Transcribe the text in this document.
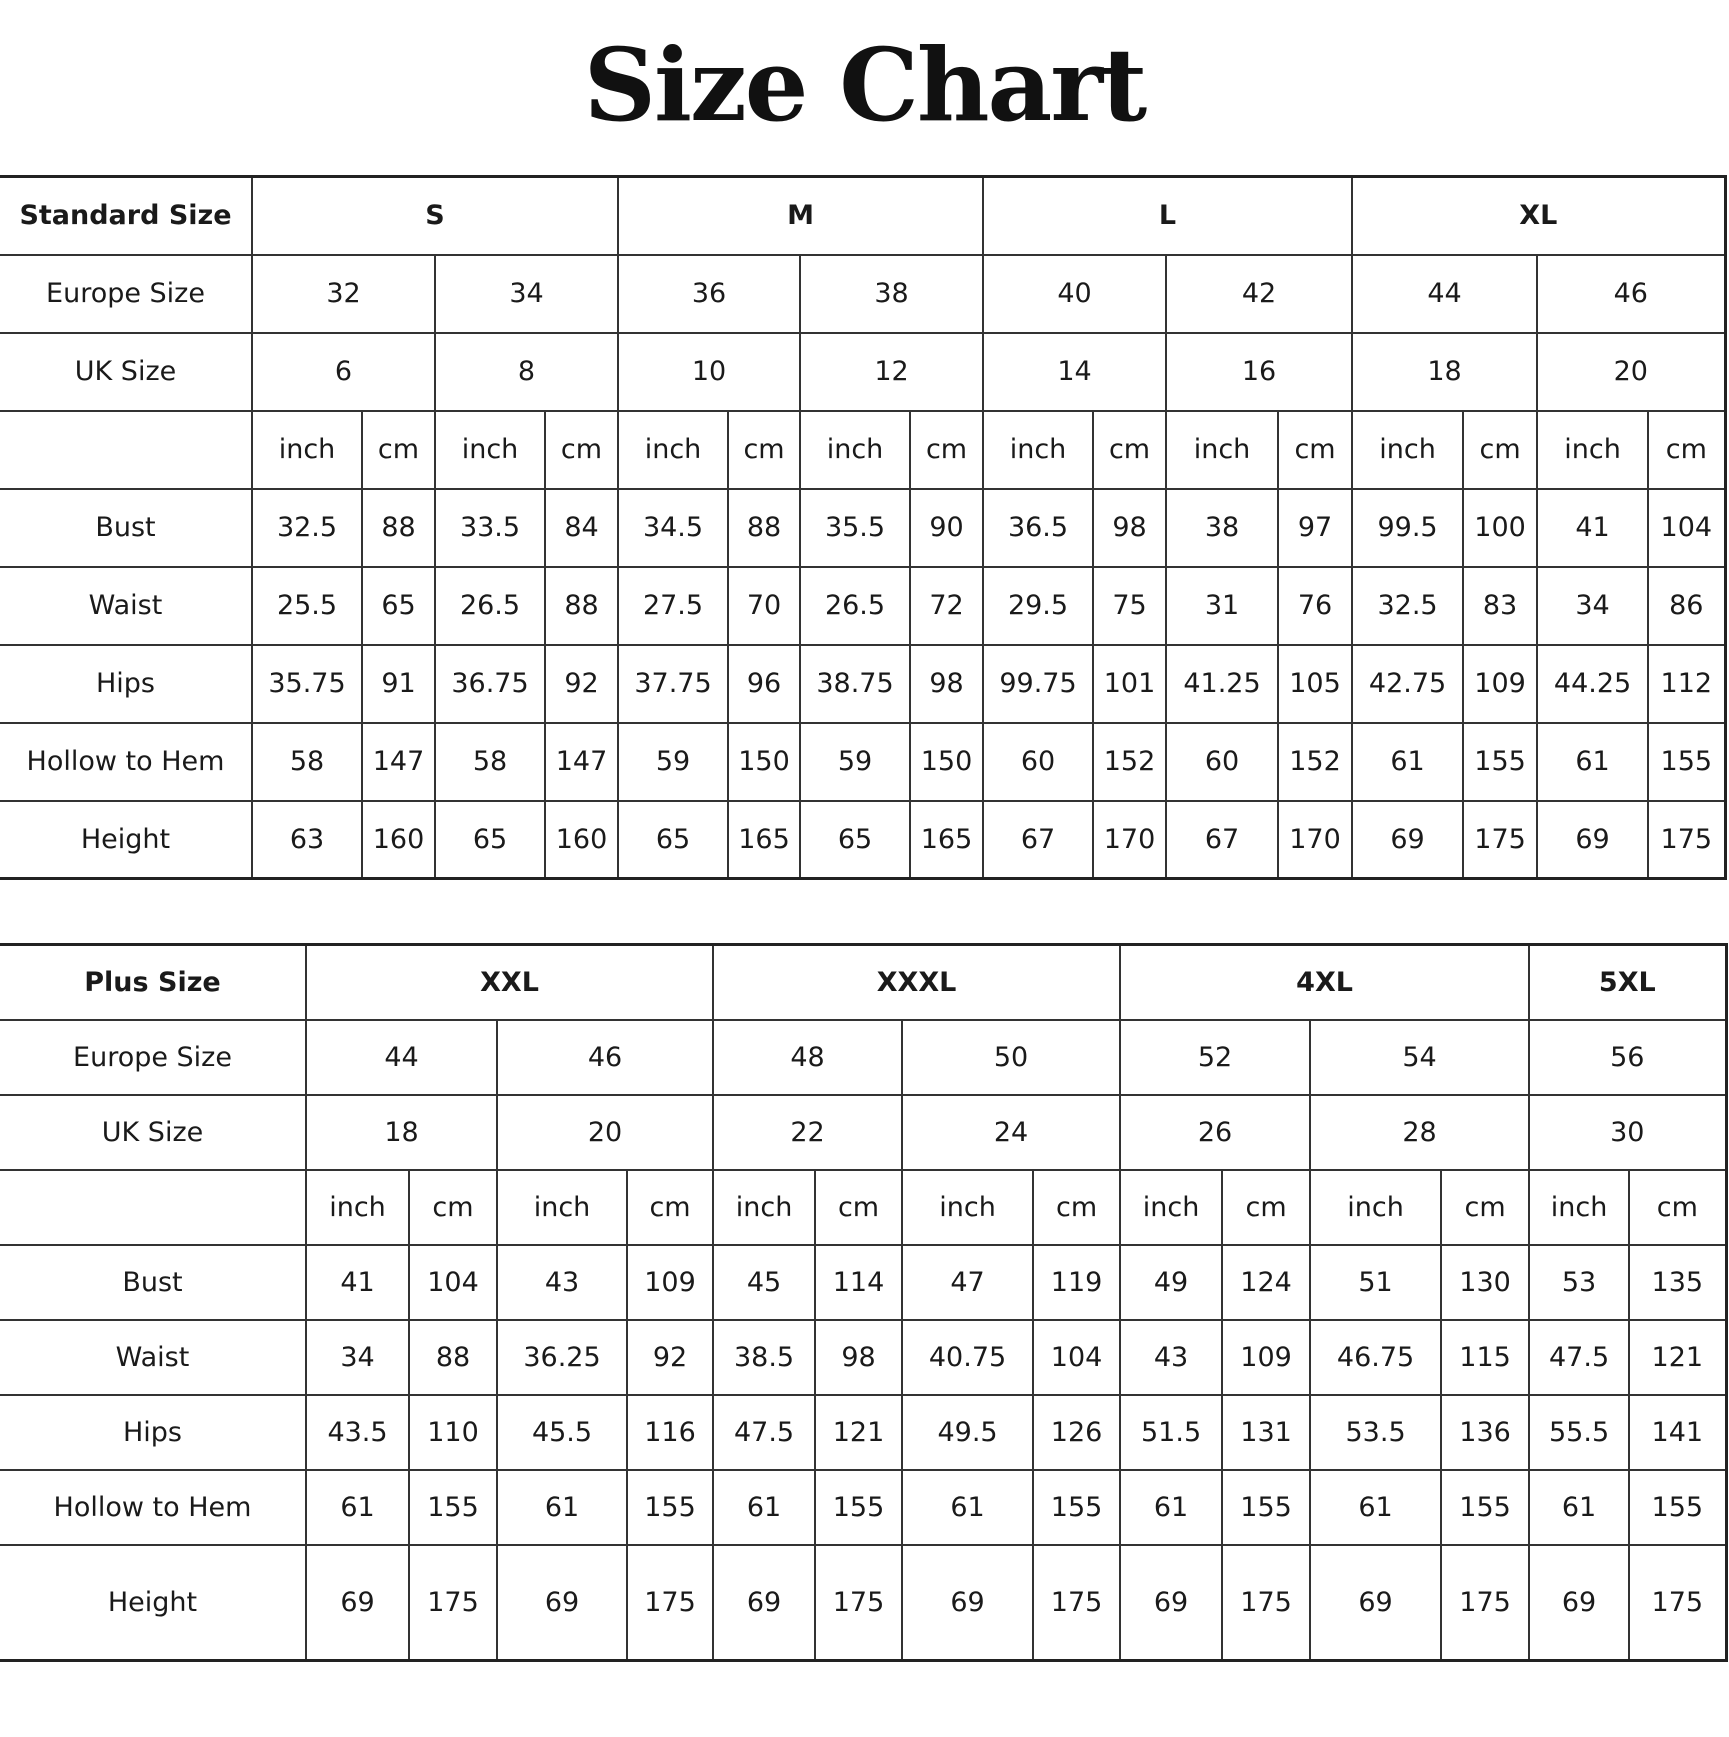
Size Chart
Standard Size	S				M				L				XL			
Europe Size	32		34		36		38		40		42		44		46	
UK Size	6		8		10		12		14		16		18		20	
	inch	cm	inch	cm	inch	cm	inch	cm	inch	cm	inch	cm	inch	cm	inch	cm
Bust	32.5	88	33.5	84	34.5	88	35.5	90	36.5	98	38	97	99.5	100	41	104
Waist	25.5	65	26.5	88	27.5	70	26.5	72	29.5	75	31	76	32.5	83	34	86
Hips	35.75	91	36.75	92	37.75	96	38.75	98	99.75	101	41.25	105	42.75	109	44.25	112
Hollow to Hem	58	147	58	147	59	150	59	150	60	152	60	152	61	155	61	155
Height	63	160	65	160	65	165	65	165	67	170	67	170	69	175	69	175
Plus Size	XXL				XXXL				4XL				5XL	
Europe Size	44		46		48		50		52		54		56	
UK Size	18		20		22		24		26		28		30	
	inch	cm	inch	cm	inch	cm	inch	cm	inch	cm	inch	cm	inch	cm
Bust	41	104	43	109	45	114	47	119	49	124	51	130	53	135
Waist	34	88	36.25	92	38.5	98	40.75	104	43	109	46.75	115	47.5	121
Hips	43.5	110	45.5	116	47.5	121	49.5	126	51.5	131	53.5	136	55.5	141
Hollow to Hem	61	155	61	155	61	155	61	155	61	155	61	155	61	155
Height	69	175	69	175	69	175	69	175	69	175	69	175	69	175
